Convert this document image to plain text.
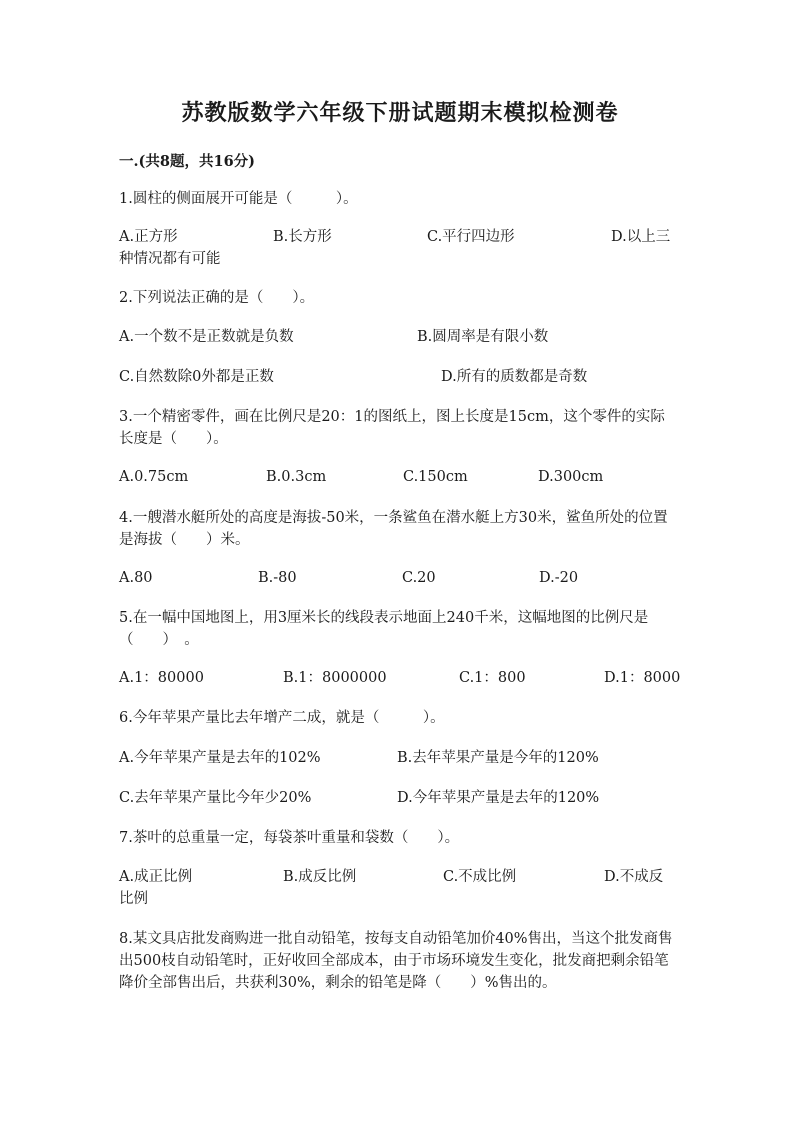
苏教版数学六年级下册试题期末模拟检测卷
一.(共8题，共16分)
1.圆柱的侧面展开可能是（　　　）。
A.正方形	B.长方形	C.平行四边形	D.以上三
种情况都有可能
2.下列说法正确的是（　　）。
A.一个数不是正数就是负数	B.圆周率是有限小数
C.自然数除0外都是正数	D.所有的质数都是奇数
3.一个精密零件，画在比例尺是20：1的图纸上，图上长度是15cm，这个零件的实际长度是（　　）。
A.0.75cm	B.0.3cm	C.150cm	D.300cm
4.一艘潜水艇所处的高度是海拔-50米，一条鲨鱼在潜水艇上方30米，鲨鱼所处的位置是海拔（　　）米。
A.80	B.-80	C.20	D.-20
5.在一幅中国地图上，用3厘米长的线段表示地面上240千米，这幅地图的比例尺是（　　）　。
A.1：80000	B.1：8000000	C.1：800	D.1：8000
6.今年苹果产量比去年增产二成，就是（　　　）。
A.今年苹果产量是去年的102%	B.去年苹果产量是今年的120%
C.去年苹果产量比今年少20%	D.今年苹果产量是去年的120%
7.茶叶的总重量一定，每袋茶叶重量和袋数（　　）。
A.成正比例	B.成反比例	C.不成比例	D.不成反
比例
8.某文具店批发商购进一批自动铅笔，按每支自动铅笔加价40%售出，当这个批发商售出500枝自动铅笔时，正好收回全部成本，由于市场环境发生变化，批发商把剩余铅笔降价全部售出后，共获利30%，剩余的铅笔是降（　　）%售出的。
